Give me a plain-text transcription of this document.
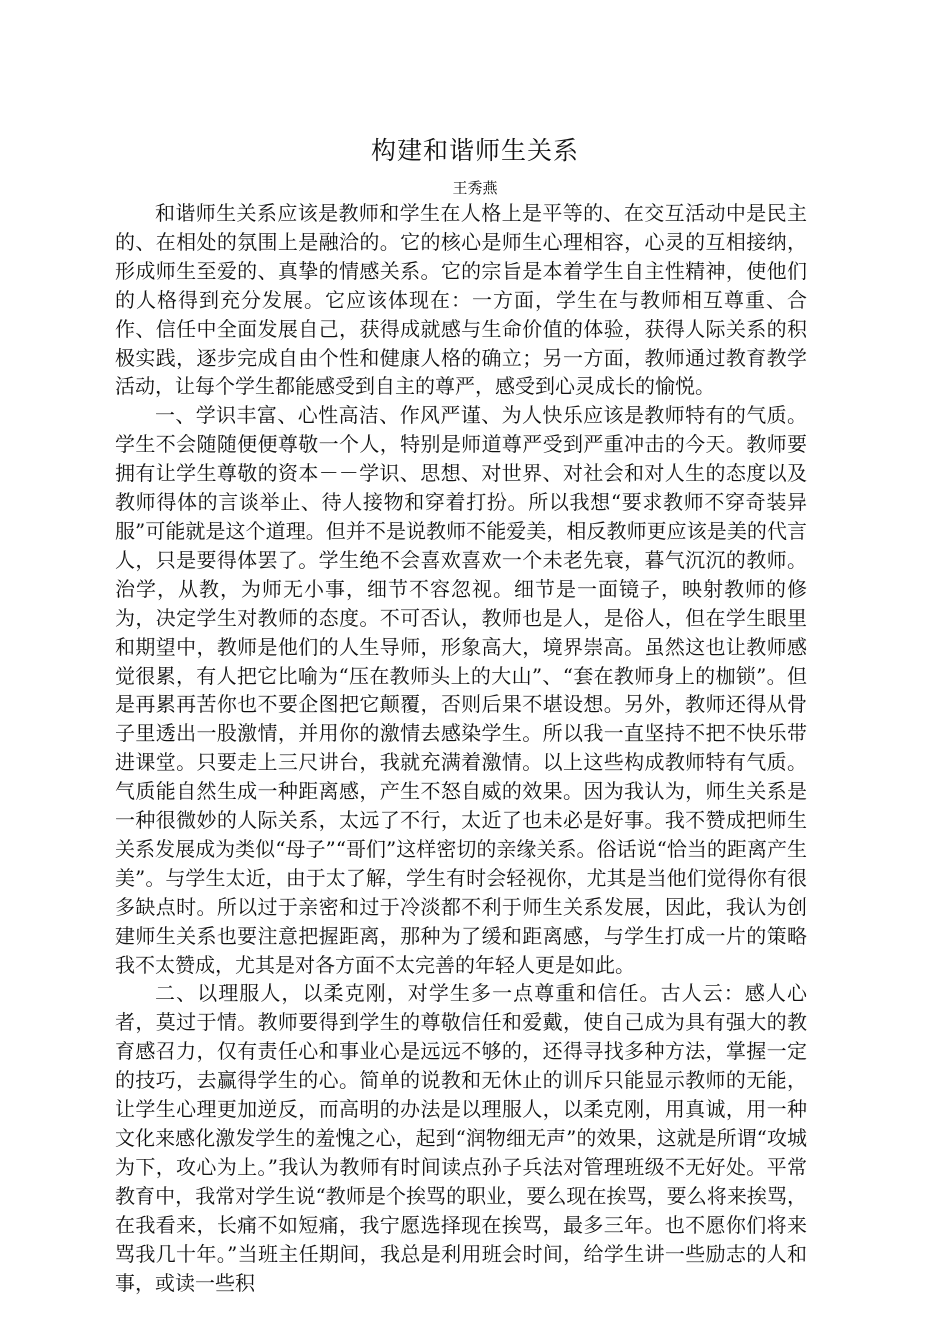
构建和谐师生关系
王秀燕

和谐师生关系应该是教师和学生在人格上是平等的、在交互活动中是民主的、在相处的氛围上是融洽的。它的核心是师生心理相容，心灵的互相接纳，形成师生至爱的、真挚的情感关系。它的宗旨是本着学生自主性精神，使他们的人格得到充分发展。它应该体现在：一方面，学生在与教师相互尊重、合作、信任中全面发展自己，获得成就感与生命价值的体验，获得人际关系的积极实践，逐步完成自由个性和健康人格的确立；另一方面，教师通过教育教学活动，让每个学生都能感受到自主的尊严，感受到心灵成长的愉悦。

一、学识丰富、心性高洁、作风严谨、为人快乐应该是教师特有的气质。学生不会随随便便尊敬一个人，特别是师道尊严受到严重冲击的今天。教师要拥有让学生尊敬的资本－－学识、思想、对世界、对社会和对人生的态度以及教师得体的言谈举止、待人接物和穿着打扮。所以我想“要求教师不穿奇装异服”可能就是这个道理。但并不是说教师不能爱美，相反教师更应该是美的代言人，只是要得体罢了。学生绝不会喜欢喜欢一个未老先衰，暮气沉沉的教师。治学，从教，为师无小事，细节不容忽视。细节是一面镜子，映射教师的修为，决定学生对教师的态度。不可否认，教师也是人，是俗人，但在学生眼里和期望中，教师是他们的人生导师，形象高大，境界崇高。虽然这也让教师感觉很累，有人把它比喻为“压在教师头上的大山”、“套在教师身上的枷锁”。但是再累再苦你也不要企图把它颠覆，否则后果不堪设想。另外，教师还得从骨子里透出一股激情，并用你的激情去感染学生。所以我一直坚持不把不快乐带进课堂。只要走上三尺讲台，我就充满着激情。以上这些构成教师特有气质。气质能自然生成一种距离感，产生不怒自威的效果。因为我认为，师生关系是一种很微妙的人际关系，太远了不行，太近了也未必是好事。我不赞成把师生关系发展成为类似“母子”“哥们”这样密切的亲缘关系。俗话说“恰当的距离产生美”。与学生太近，由于太了解，学生有时会轻视你，尤其是当他们觉得你有很多缺点时。所以过于亲密和过于冷淡都不利于师生关系发展，因此，我认为创建师生关系也要注意把握距离，那种为了缓和距离感，与学生打成一片的策略我不太赞成，尤其是对各方面不太完善的年轻人更是如此。

二、以理服人，以柔克刚，对学生多一点尊重和信任。古人云：感人心者，莫过于情。教师要得到学生的尊敬信任和爱戴，使自己成为具有强大的教育感召力，仅有责任心和事业心是远远不够的，还得寻找多种方法，掌握一定的技巧，去赢得学生的心。简单的说教和无休止的训斥只能显示教师的无能，让学生心理更加逆反，而高明的办法是以理服人，以柔克刚，用真诚，用一种文化来感化激发学生的羞愧之心，起到“润物细无声”的效果，这就是所谓“攻城为下，攻心为上。”我认为教师有时间读点孙子兵法对管理班级不无好处。平常教育中，我常对学生说“教师是个挨骂的职业，要么现在挨骂，要么将来挨骂，在我看来，长痛不如短痛，我宁愿选择现在挨骂，最多三年。也不愿你们将来骂我几十年。”当班主任期间，我总是利用班会时间，给学生讲一些励志的人和事，或读一些积
